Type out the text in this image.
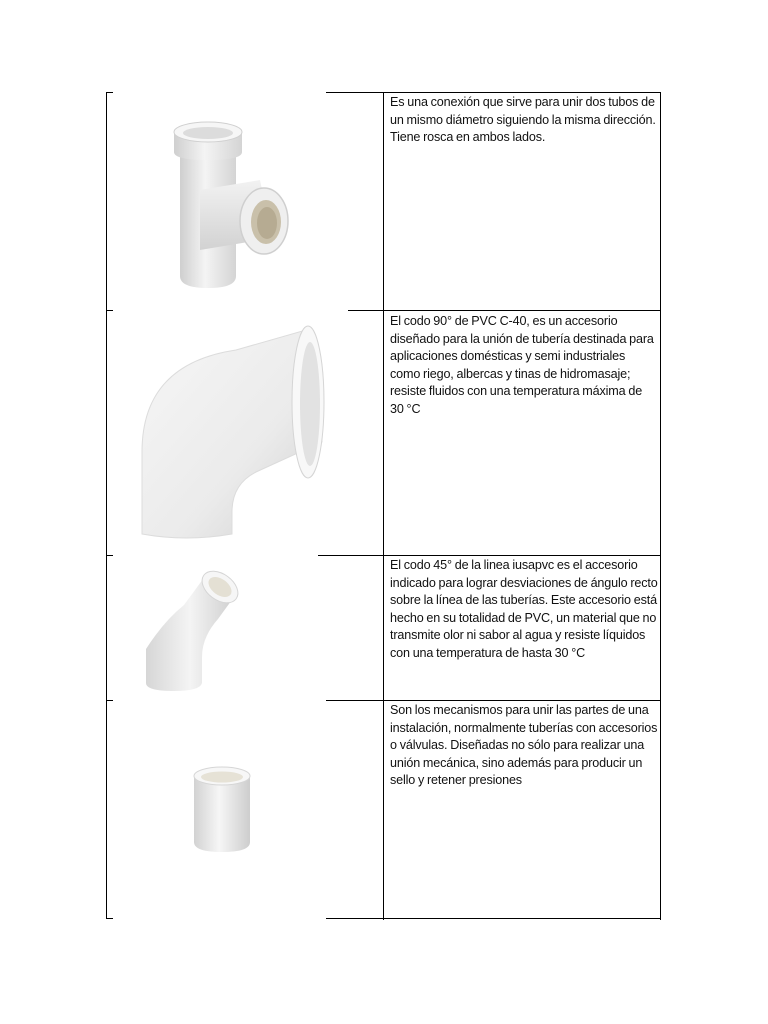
Es una conexión que sirve para unir dos tubos de un mismo diámetro siguiendo la misma dirección. Tiene rosca en ambos lados.
El codo 90° de PVC C-40, es un accesorio diseñado para la unión de tubería destinada para aplicaciones domésticas y semi industriales como riego, albercas y tinas de hidromasaje; resiste fluidos con una temperatura máxima de 30 °C
El codo 45° de la linea iusapvc es el accesorio indicado para lograr desviaciones de ángulo recto sobre la línea de las tuberías. Este accesorio está hecho en su totalidad de PVC, un material que no transmite olor ni sabor al agua y resiste líquidos con una temperatura de hasta 30 °C
Son los mecanismos para unir las partes de una instalación, normalmente tuberías con accesorios o válvulas. Diseñadas no sólo para realizar una unión mecánica, sino además para producir un sello y retener presiones
